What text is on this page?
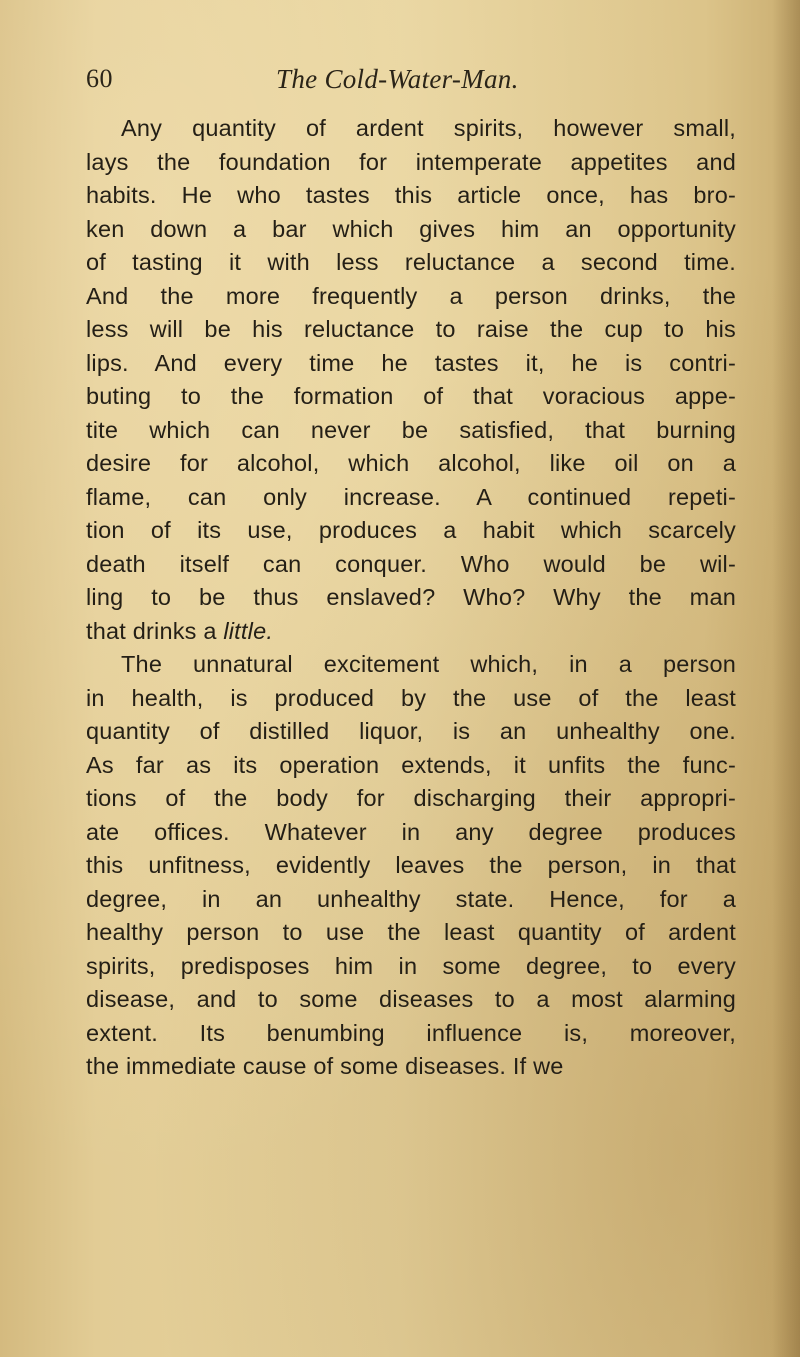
60	The Cold-Water-Man.
Any quantity of ardent spirits, however small,
lays the foundation for intemperate appetites and
habits. He who tastes this article once, has bro-
ken down a bar which gives him an opportunity
of tasting it with less reluctance a second time.
And the more frequently a person drinks, the
less will be his reluctance to raise the cup to his
lips. And every time he tastes it, he is contri-
buting to the formation of that voracious appe-
tite which can never be satisfied, that burning
desire for alcohol, which alcohol, like oil on a
flame, can only increase. A continued repeti-
tion of its use, produces a habit which scarcely
death itself can conquer. Who would be wil-
ling to be thus enslaved? Who? Why the man
that drinks a little.
The unnatural excitement which, in a person
in health, is produced by the use of the least
quantity of distilled liquor, is an unhealthy one.
As far as its operation extends, it unfits the func-
tions of the body for discharging their appropri-
ate offices. Whatever in any degree produces
this unfitness, evidently leaves the person, in that
degree, in an unhealthy state. Hence, for a
healthy person to use the least quantity of ardent
spirits, predisposes him in some degree, to every
disease, and to some diseases to a most alarming
extent. Its benumbing influence is, moreover,
the immediate cause of some diseases. If we
